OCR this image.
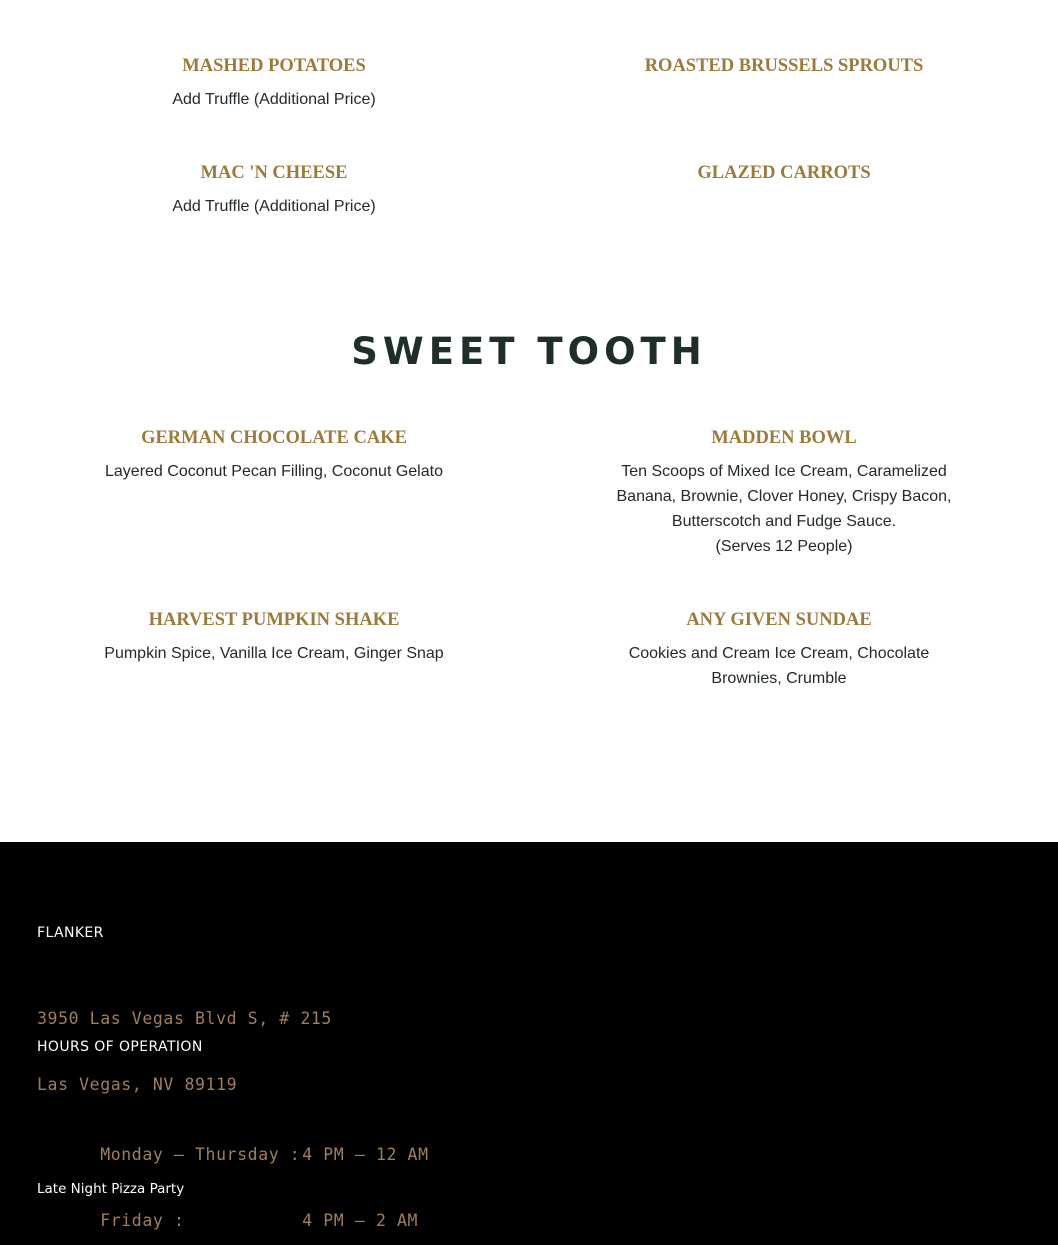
MASHED POTATOES
Add Truffle (Additional Price)
ROASTED BRUSSELS SPROUTS
MAC 'N CHEESE
Add Truffle (Additional Price)
GLAZED CARROTS
SWEET TOOTH
GERMAN CHOCOLATE CAKE
Layered Coconut Pecan Filling, Coconut Gelato
MADDEN BOWL
Ten Scoops of Mixed Ice Cream, Caramelized
Banana, Brownie, Clover Honey, Crispy Bacon,
Butterscotch and Fudge Sauce.
(Serves 12 People)
HARVEST PUMPKIN SHAKE
Pumpkin Spice, Vanilla Ice Cream, Ginger Snap
ANY GIVEN SUNDAE
Cookies and Cream Ice Cream, Chocolate
Brownies, Crumble
FLANKER

3950 Las Vegas Blvd S, # 215

Las Vegas, NV 89119

HOURS OF OPERATION

Monday – Thursday : 4 PM – 12 AM

Friday :	4 PM – 2 AM

Late Night Pizza Party
